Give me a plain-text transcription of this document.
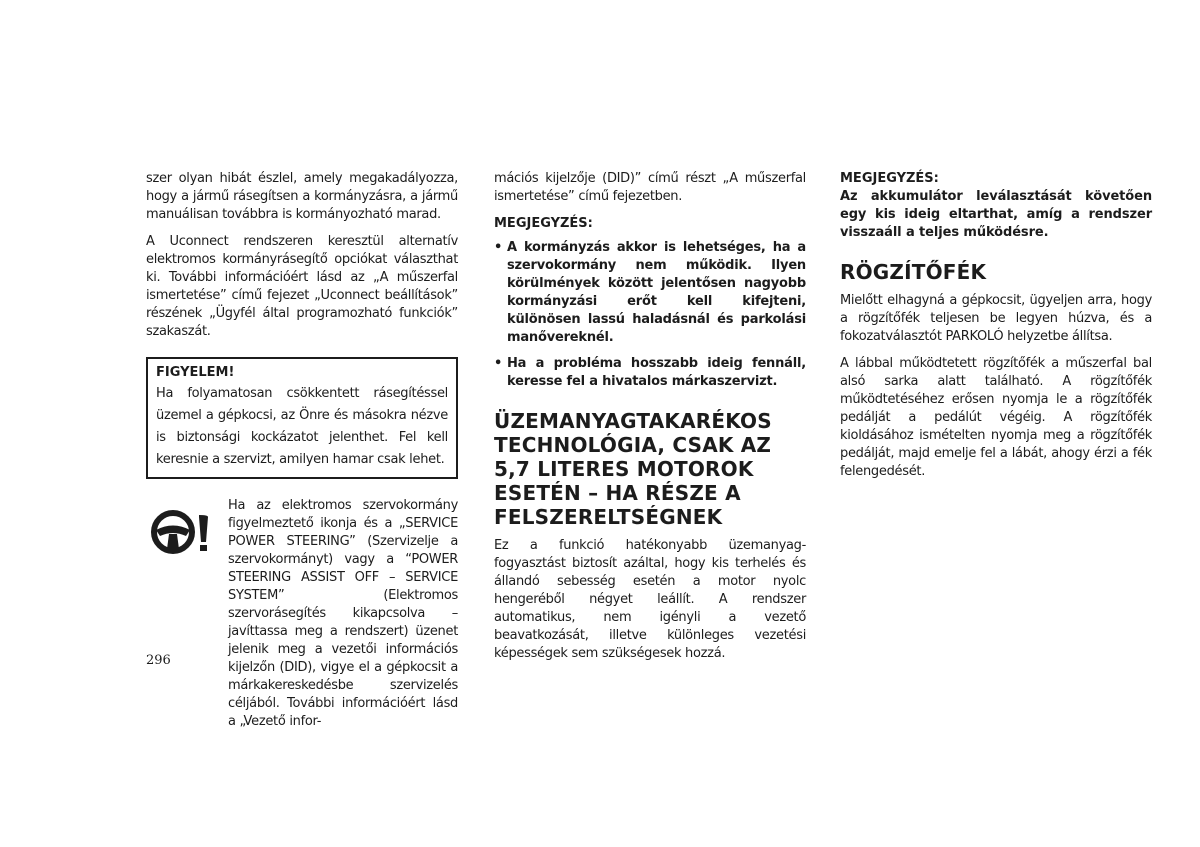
szer olyan hibát észlel, amely megakadályozza, hogy a jármű rásegítsen a kormányzásra, a jármű manuálisan továbbra is kormányozható marad.

A Uconnect rendszeren keresztül alternatív elektromos kormányrásegítő opciókat választhat ki. További információért lásd az „A műszerfal ismertetése” című fejezet „Uconnect beállítások” részének „Ügyfél által programozható funkciók” szakaszát.

FIGYELEM!

Ha folyamatosan csökkentett rásegítéssel üzemel a gépkocsi, az Önre és másokra nézve is biztonsági kockázatot jelenthet. Fel kell keresnie a szervizt, amilyen hamar csak lehet.

Ha az elektromos szervokormány figyelmeztető ikonja és a „SERVICE POWER STEERING” (Szervizelje a szervokormányt) vagy a “POWER STEERING ASSIST OFF – SERVICE SYSTEM” (Elektromos szervorásegítés kikapcsolva – javíttassa meg a rendszert) üzenet jelenik meg a vezetői információs kijelzőn (DID), vigye el a gépkocsit a márkakereskedésbe szervizelés céljából. További információért lásd a „Vezető infor-

296

mációs kijelzője (DID)” című részt „A műszerfal ismertetése” című fejezetben.

MEGJEGYZÉS:
• A kormányzás akkor is lehetséges, ha a szervokormány nem működik. Ilyen körülmények között jelentősen nagyobb kormányzási erőt kell kifejteni, különösen lassú haladásnál és parkolási manővereknél.
• Ha a probléma hosszabb ideig fennáll, keresse fel a hivatalos márkaszervizt.
ÜZEMANYAGTAKARÉKOS TECHNOLÓGIA, CSAK AZ 5,7 LITERES MOTOROK ESETÉN – HA RÉSZE A FELSZERELTSÉGNEK

Ez a funkció hatékonyabb üzemanyag-fogyasztást biztosít azáltal, hogy kis terhelés és állandó sebesség esetén a motor nyolc hengeréből négyet leállít. A rendszer automatikus, nem igényli a vezető beavatkozását, illetve különleges vezetési képességek sem szükségesek hozzá.

MEGJEGYZÉS:

Az akkumulátor leválasztását követően egy kis ideig eltarthat, amíg a rendszer visszaáll a teljes működésre.

RÖGZÍTŐFÉK

Mielőtt elhagyná a gépkocsit, ügyeljen arra, hogy a rögzítőfék teljesen be legyen húzva, és a fokozatválasztót PARKOLÓ helyzetbe állítsa.

A lábbal működtetett rögzítőfék a műszerfal bal alsó sarka alatt található. A rögzítőfék működtetéséhez erősen nyomja le a rögzítőfék pedálját a pedálút végéig. A rögzítőfék kioldásához ismételten nyomja meg a rögzítőfék pedálját, majd emelje fel a lábát, ahogy érzi a fék felengedését.
